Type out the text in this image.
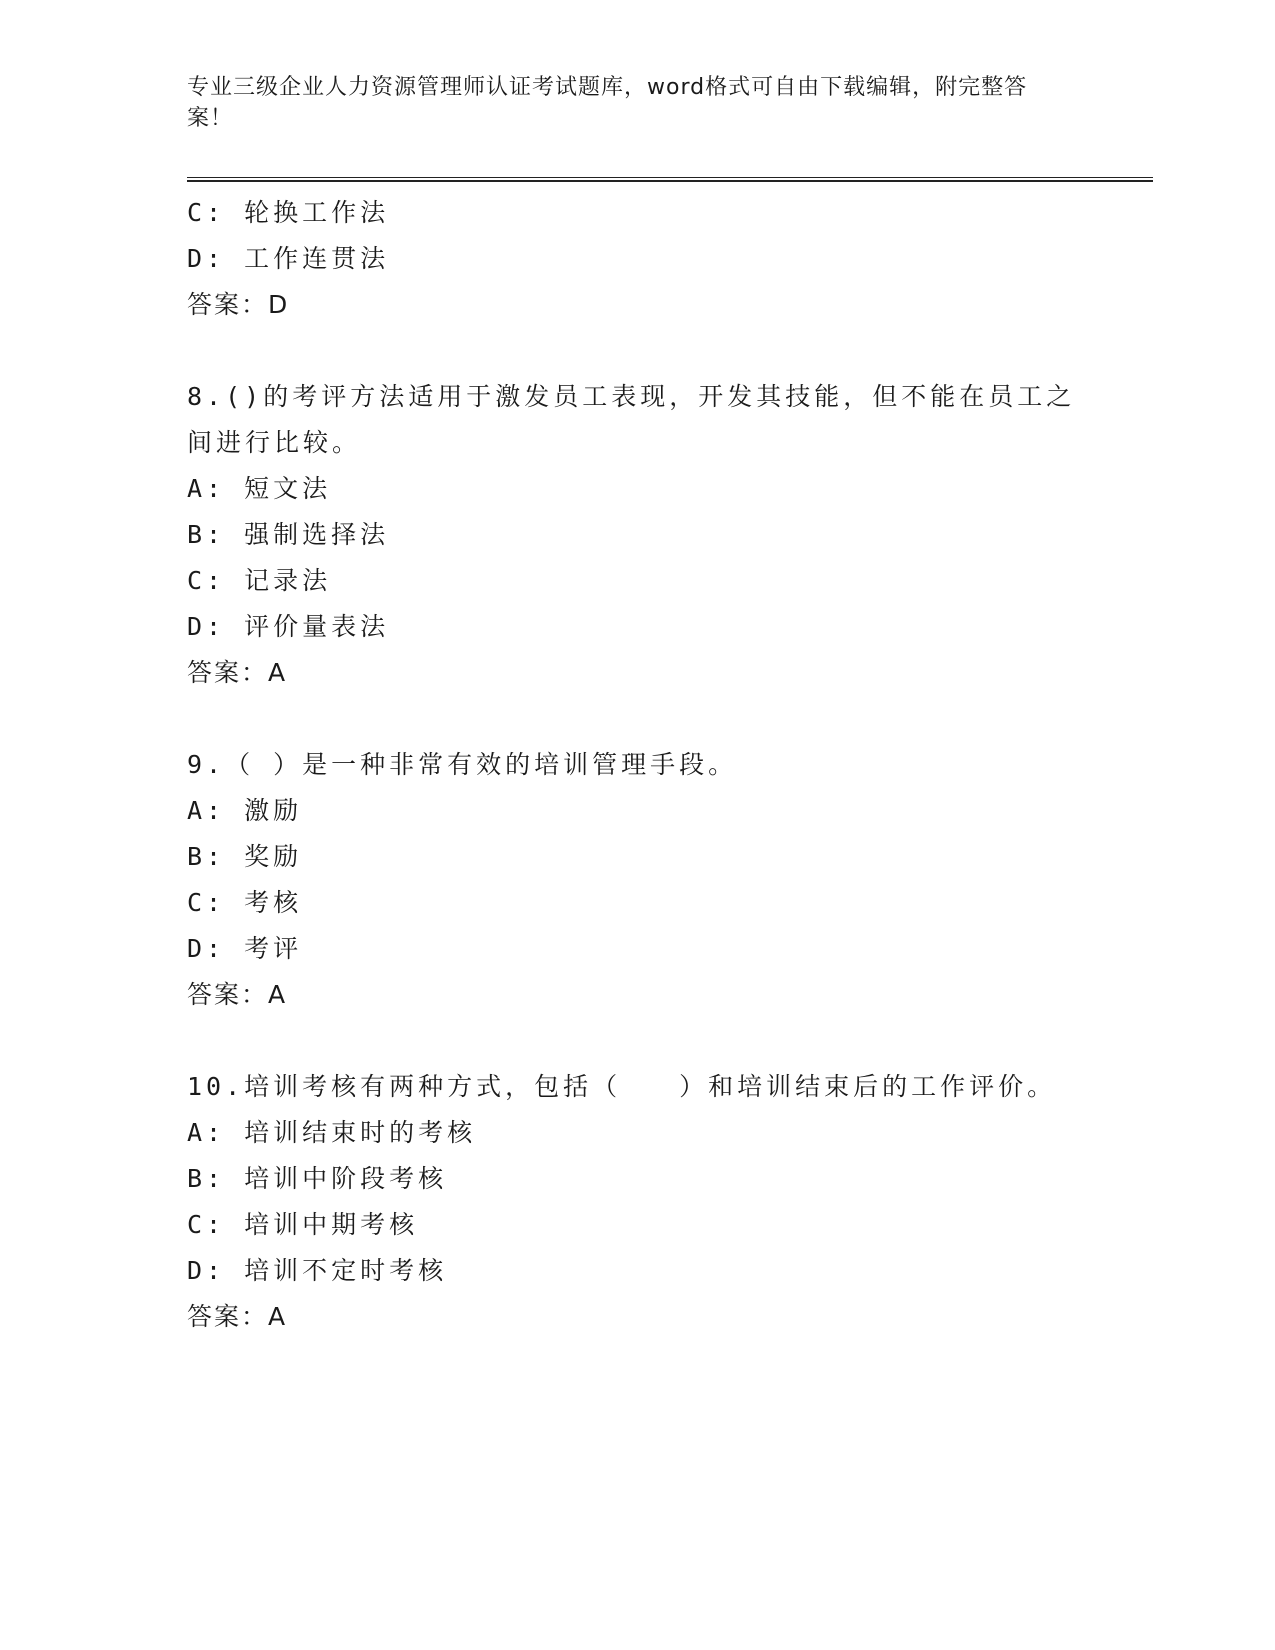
专业三级企业人力资源管理师认证考试题库，word格式可自由下载编辑，附完整答案！
C: 轮换工作法
D: 工作连贯法
答案：D
8.()的考评方法适用于激发员工表现，开发其技能，但不能在员工之
间进行比较。
A: 短文法
B: 强制选择法
C: 记录法
D: 评价量表法
答案：A
9.（ ）是一种非常有效的培训管理手段。
A: 激励
B: 奖励
C: 考核
D: 考评
答案：A
10.培训考核有两种方式，包括（　　）和培训结束后的工作评价。
A: 培训结束时的考核
B: 培训中阶段考核
C: 培训中期考核
D: 培训不定时考核
答案：A
